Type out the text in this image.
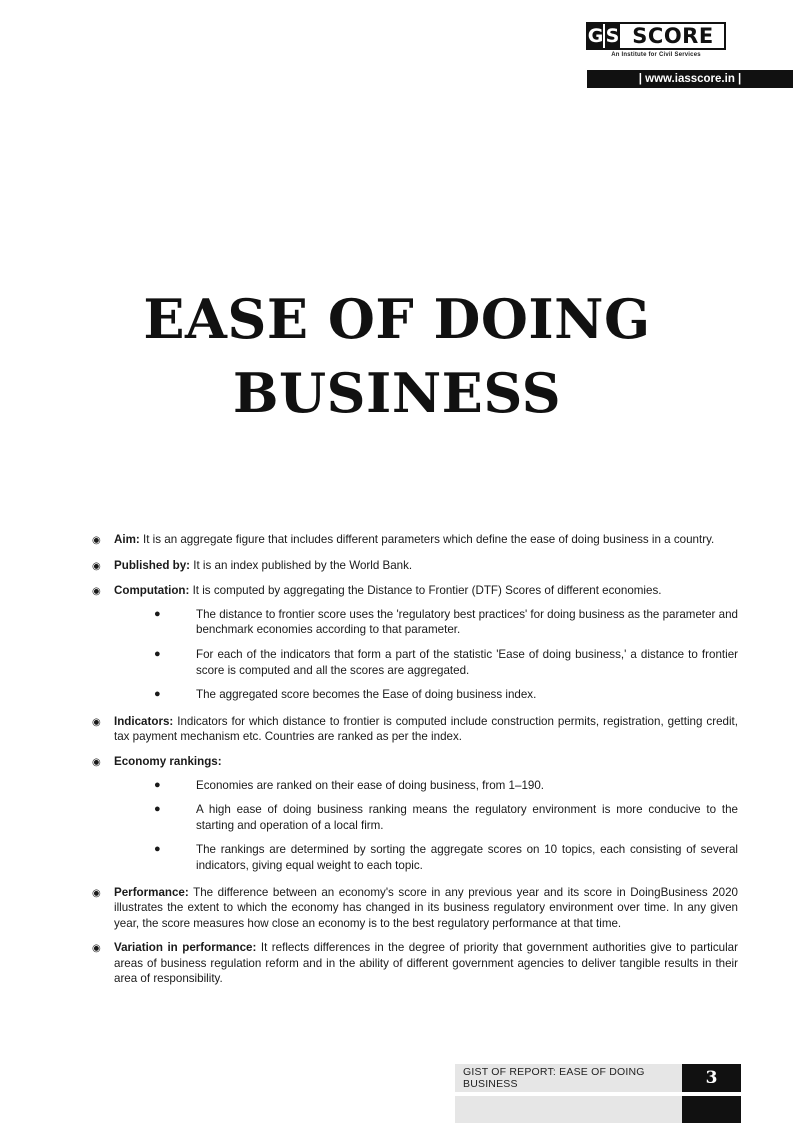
G S SCORE
An Institute for Civil Services
| www.iasscore.in |
EASE OF DOING
BUSINESS
◉	Aim: It is an aggregate figure that includes different parameters which define the ease of doing business in a country.
◉	Published by: It is an index published by the World Bank.
◉	Computation: It is computed by aggregating the Distance to Frontier (DTF) Scores of different economies.
●	The distance to frontier score uses the 'regulatory best practices' for doing business as the parameter and benchmark economies according to that parameter.
●	For each of the indicators that form a part of the statistic 'Ease of doing business,' a distance to frontier score is computed and all the scores are aggregated.
●	The aggregated score becomes the Ease of doing business index.
◉	Indicators: Indicators for which distance to frontier is computed include construction permits, registration, getting credit, tax payment mechanism etc. Countries are ranked as per the index.
◉	Economy rankings:
●	Economies are ranked on their ease of doing business, from 1–190.
●	A high ease of doing business ranking means the regulatory environment is more conducive to the starting and operation of a local firm.
●	The rankings are determined by sorting the aggregate scores on 10 topics, each consisting of several indicators, giving equal weight to each topic.
◉	Performance: The difference between an economy's score in any previous year and its score in DoingBusiness 2020 illustrates the extent to which the economy has changed in its business regulatory environment over time. In any given year, the score measures how close an economy is to the best regulatory performance at that time.
◉	Variation in performance: It reflects differences in the degree of priority that government authorities give to particular areas of business regulation reform and in the ability of different government agencies to deliver tangible results in their area of responsibility.
GIST OF REPORT: EASE OF DOING BUSINESS	3
